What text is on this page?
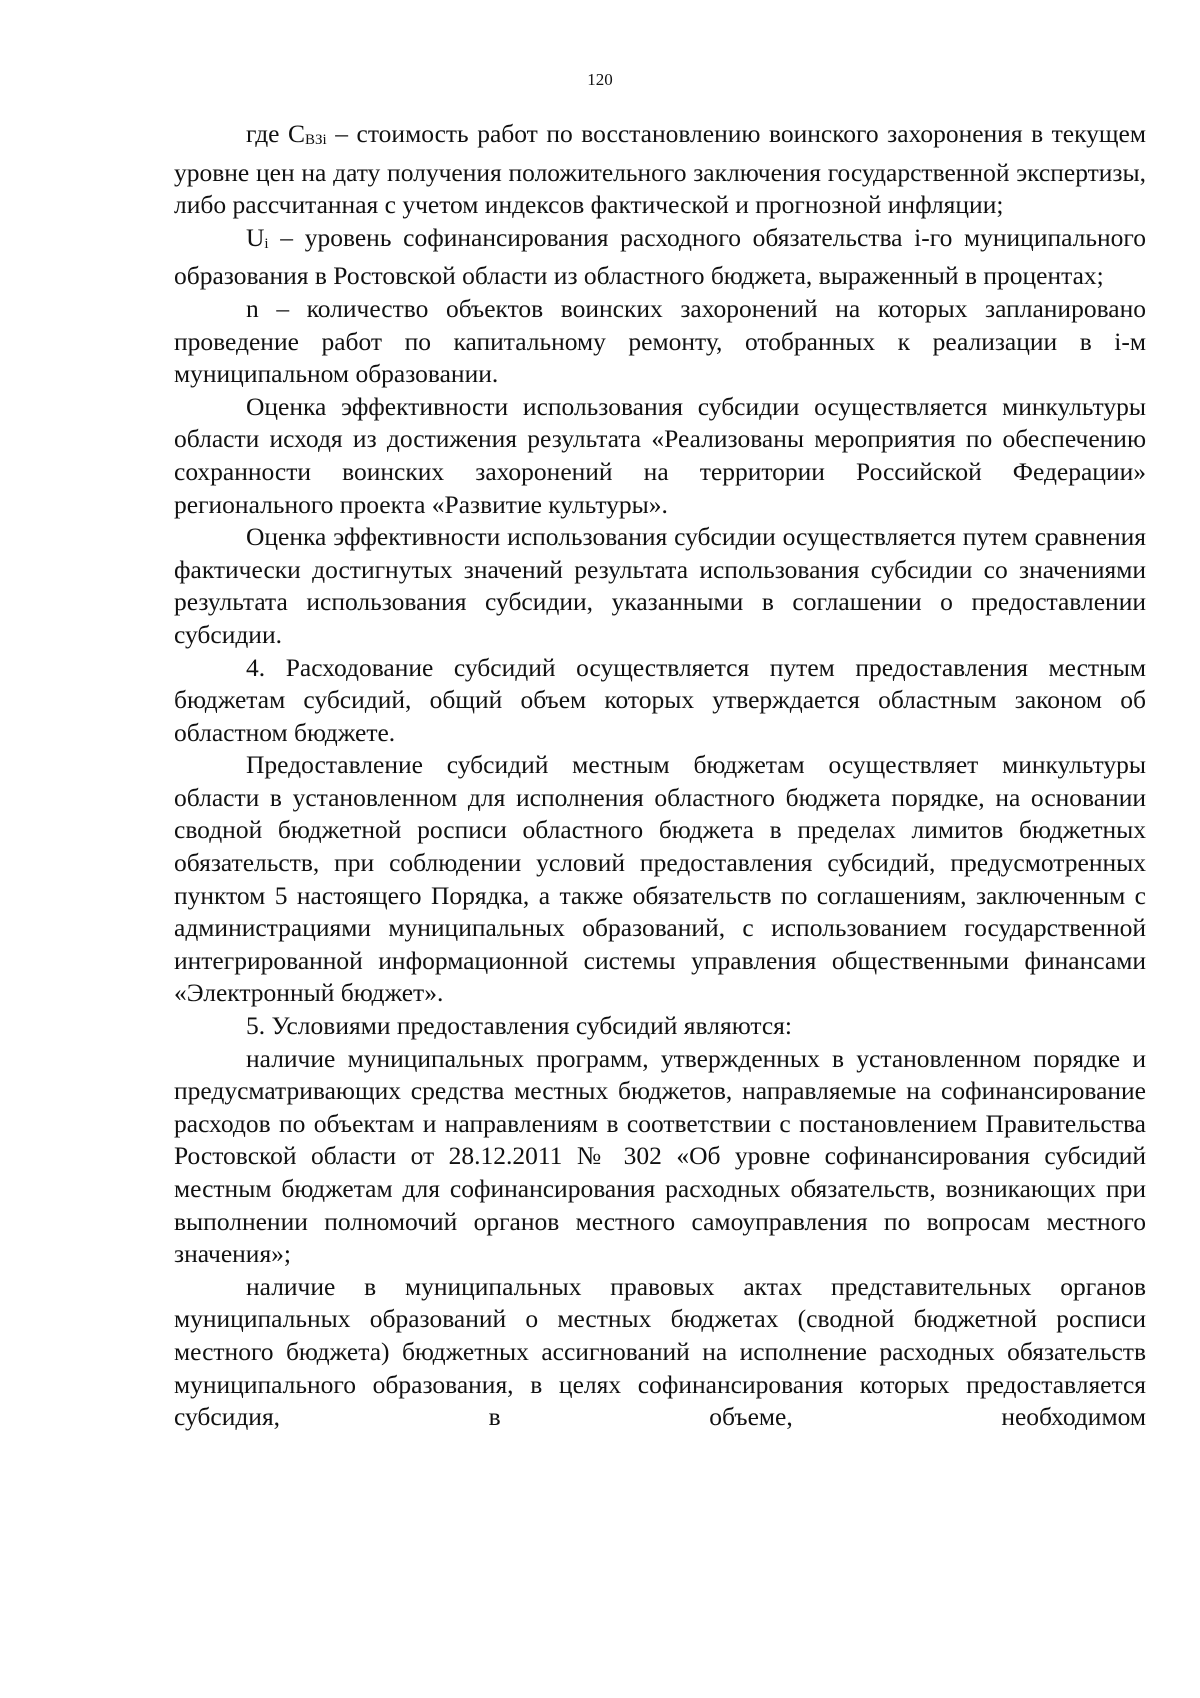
120

где СВЗi – стоимость работ по восстановлению воинского захоронения в текущем уровне цен на дату получения положительного заключения государственной экспертизы, либо рассчитанная с учетом индексов фактической и прогнозной инфляции;

Ui – уровень софинансирования расходного обязательства i-го муниципального образования в Ростовской области из областного бюджета, выраженный в процентах;

n – количество объектов воинских захоронений на которых запланировано проведение работ по капитальному ремонту, отобранных к реализации в i-м муниципальном образовании.

Оценка эффективности использования субсидии осуществляется минкультуры области исходя из достижения результата «Реализованы мероприятия по обеспечению сохранности воинских захоронений на территории Российской Федерации» регионального проекта «Развитие культуры».

Оценка эффективности использования субсидии осуществляется путем сравнения фактически достигнутых значений результата использования субсидии со значениями результата использования субсидии, указанными в соглашении о предоставлении субсидии.

4. Расходование субсидий осуществляется путем предоставления местным бюджетам субсидий, общий объем которых утверждается областным законом об областном бюджете.

Предоставление субсидий местным бюджетам осуществляет минкультуры области в установленном для исполнения областного бюджета порядке, на основании сводной бюджетной росписи областного бюджета в пределах лимитов бюджетных обязательств, при соблюдении условий предоставления субсидий, предусмотренных пунктом 5 настоящего Порядка, а также обязательств по соглашениям, заключенным с администрациями муниципальных образований, с использованием государственной интегрированной информационной системы управления общественными финансами «Электронный бюджет».

5. Условиями предоставления субсидий являются:

наличие муниципальных программ, утвержденных в установленном порядке и предусматривающих средства местных бюджетов, направляемые на софинансирование расходов по объектам и направлениям в соответствии с постановлением Правительства Ростовской области от 28.12.2011 № 302 «Об уровне софинансирования субсидий местным бюджетам для софинансирования расходных обязательств, возникающих при выполнении полномочий органов местного самоуправления по вопросам местного значения»;

наличие в муниципальных правовых актах представительных органов муниципальных образований о местных бюджетах (сводной бюджетной росписи местного бюджета) бюджетных ассигнований на исполнение расходных обязательств муниципального образования, в целях софинансирования которых предоставляется субсидия, в объеме, необходимом
